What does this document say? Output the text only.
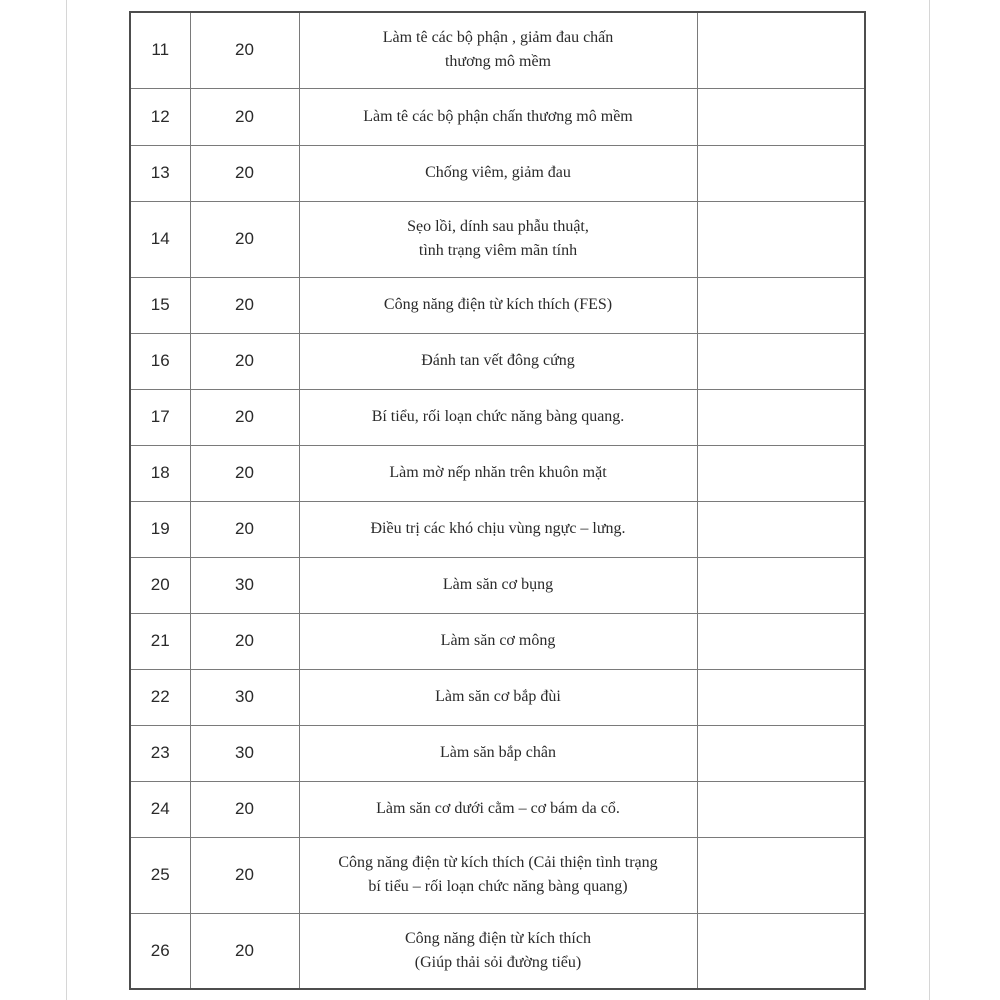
11	20	Làm tê các bộ phận , giảm đau chấn
thương mô mềm	

12	20	Làm tê các bộ phận chấn thương mô mềm	

13	20	Chống viêm, giảm đau	

14	20	Sẹo lồi, dính sau phẫu thuật,
tình trạng viêm mãn tính	

15	20	Công năng điện từ kích thích (FES)	

16	20	Đánh tan vết đông cứng	

17	20	Bí tiểu, rối loạn chức năng bàng quang.	

18	20	Làm mờ nếp nhăn trên khuôn mặt	

19	20	Điều trị các khó chịu vùng ngực – lưng.	

20	30	Làm săn cơ bụng	

21	20	Làm săn cơ mông	

22	30	Làm săn cơ bắp đùi	

23	30	Làm săn bắp chân	

24	20	Làm săn cơ dưới cằm – cơ bám da cổ.	

25	20	Công năng điện từ kích thích (Cải thiện tình trạng
bí tiểu – rối loạn chức năng bàng quang)	

26	20	Công năng điện từ kích thích
(Giúp thải sỏi đường tiểu)	
